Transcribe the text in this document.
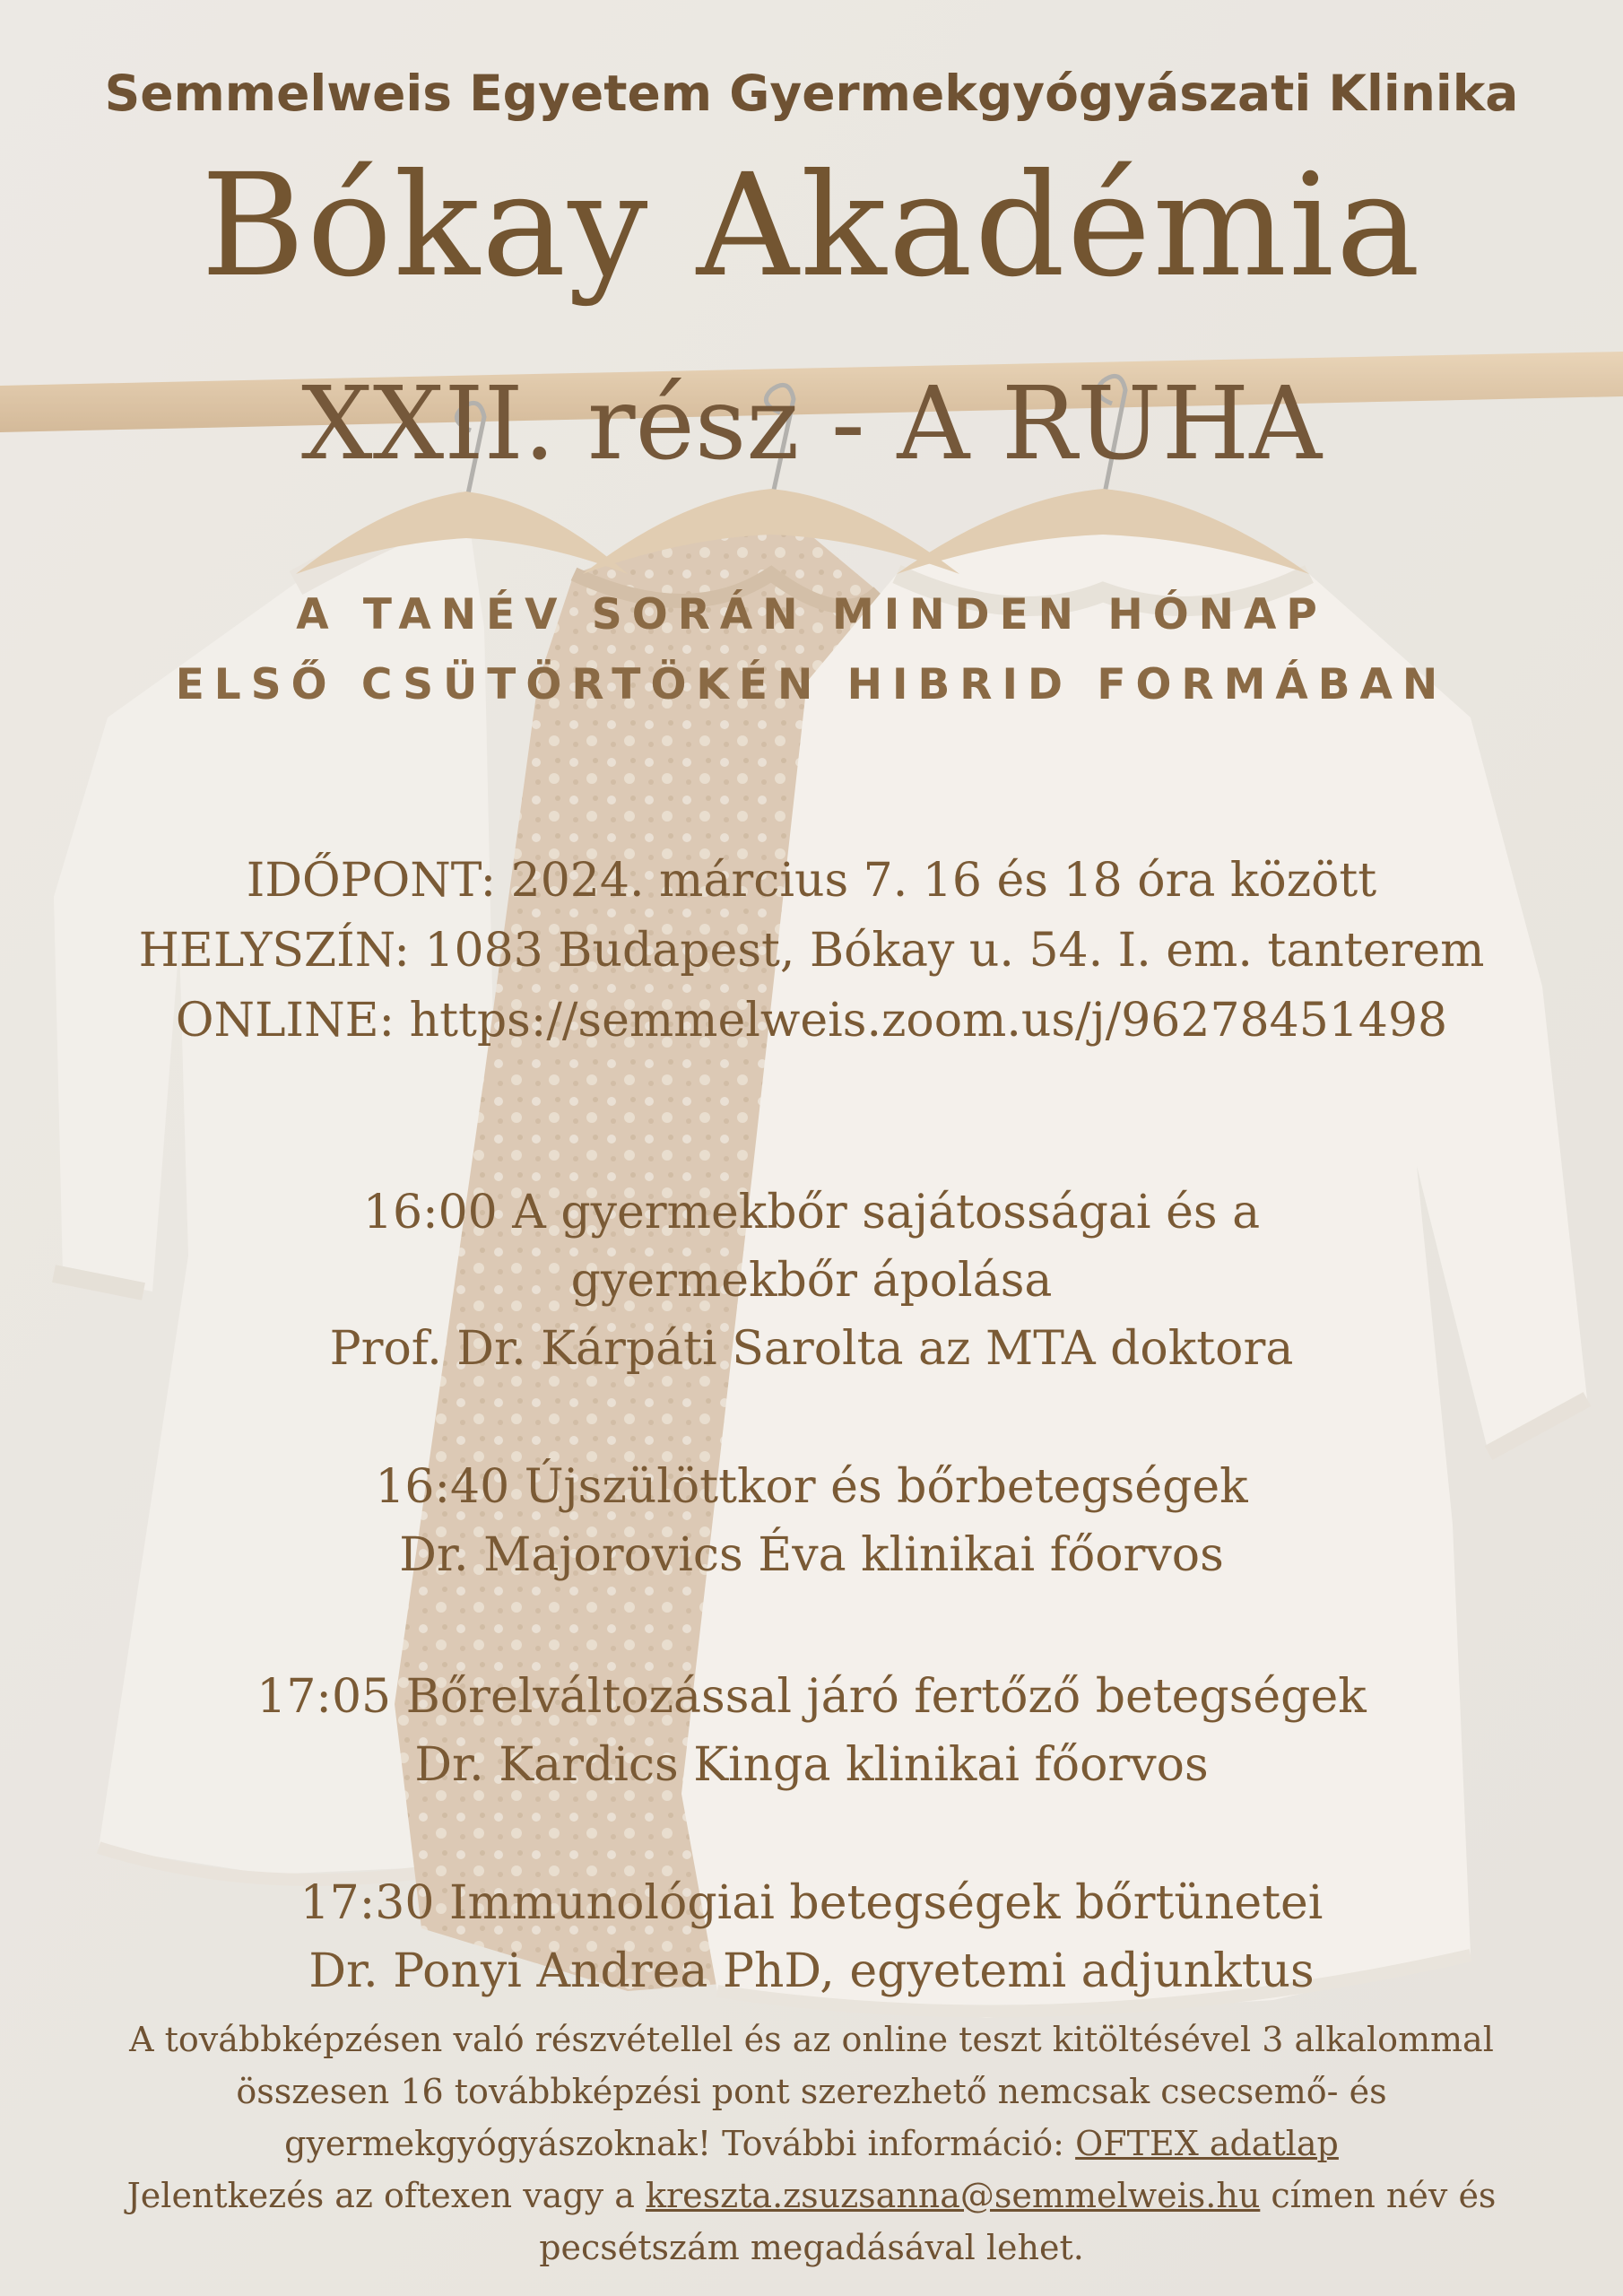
Semmelweis Egyetem Gyermekgyógyászati Klinika

Bókay Akadémia

XXII. rész - A RUHA

A TANÉV SORÁN MINDEN HÓNAP

ELSŐ CSÜTÖRTÖKÉN HIBRID FORMÁBAN

IDŐPONT: 2024. március 7. 16 és 18 óra között

HELYSZÍN: 1083 Budapest, Bókay u. 54. I. em. tanterem

ONLINE: https://semmelweis.zoom.us/j/96278451498

16:00 A gyermekbőr sajátosságai és a

gyermekbőr ápolása

Prof. Dr. Kárpáti Sarolta az MTA doktora

16:40 Újszülöttkor és bőrbetegségek

Dr. Majorovics Éva klinikai főorvos

17:05 Bőrelváltozással járó fertőző betegségek

Dr. Kardics Kinga klinikai főorvos

17:30 Immunológiai betegségek bőrtünetei

Dr. Ponyi Andrea PhD, egyetemi adjunktus

A továbbképzésen való részvétellel és az online teszt kitöltésével 3 alkalommal

összesen 16 továbbképzési pont szerezhető nemcsak csecsemő- és

gyermekgyógyászoknak! További információ: OFTEX adatlap

Jelentkezés az oftexen vagy a kreszta.zsuzsanna@semmelweis.hu címen név és

pecsétszám megadásával lehet.
